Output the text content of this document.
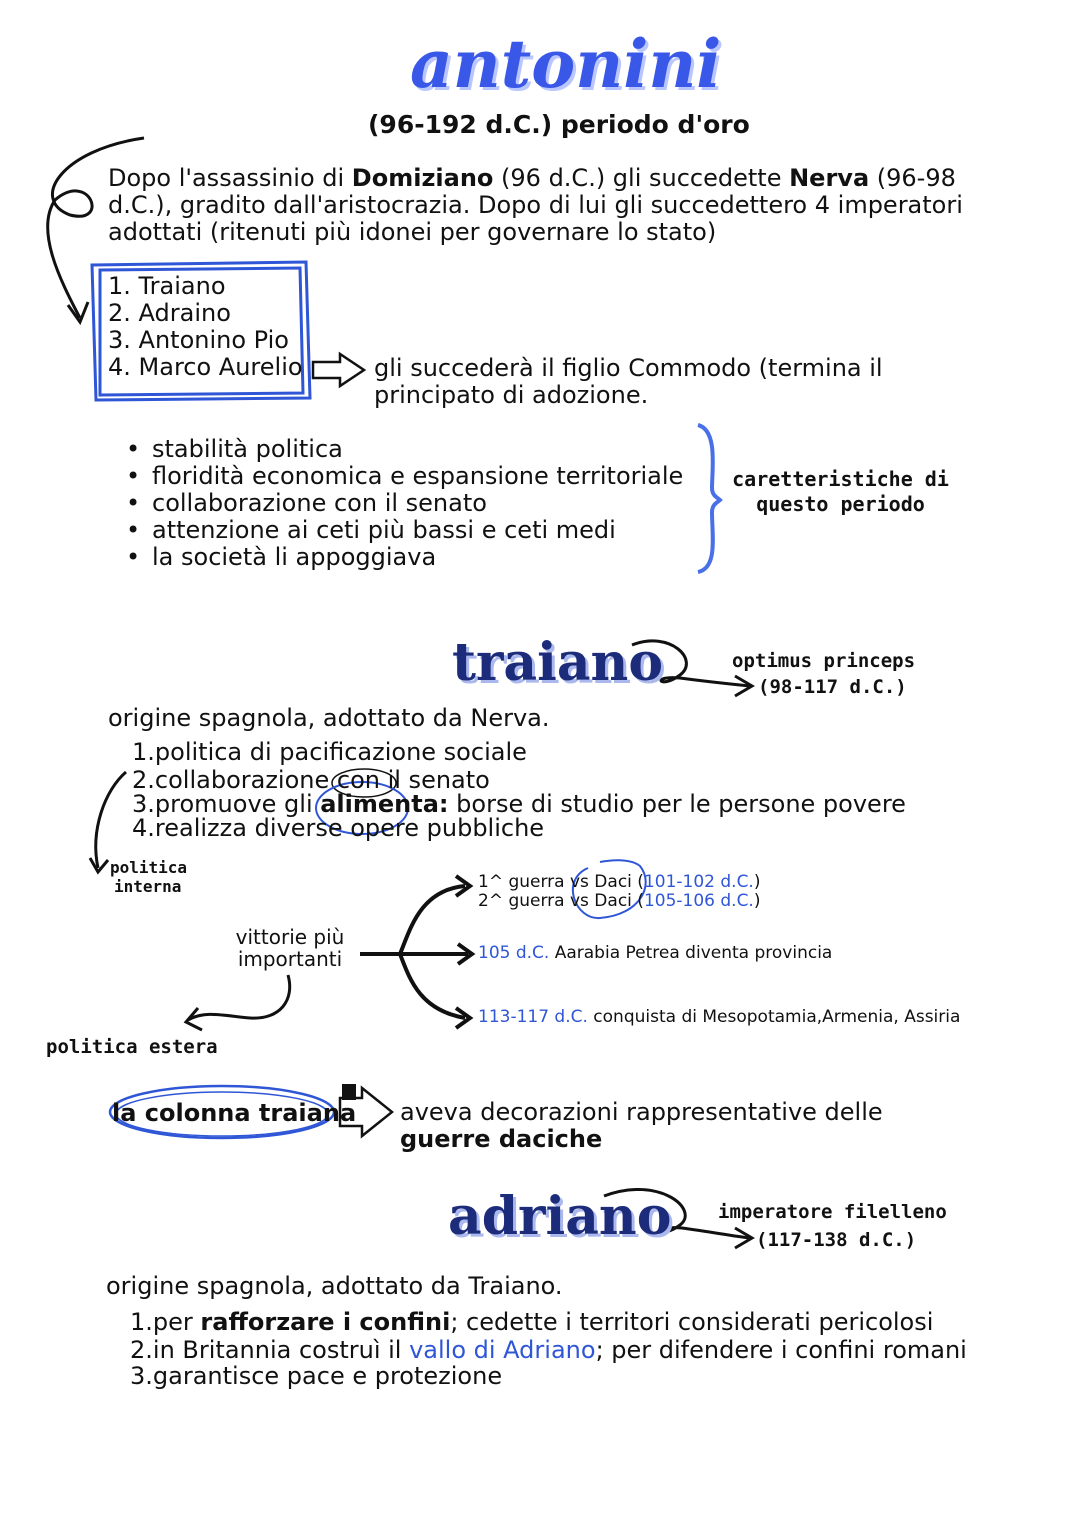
antonini
(96-192 d.C.) periodo d'oro
Dopo l'assassinio di Domiziano (96 d.C.) gli succedette Nerva (96-98
d.C.), gradito dall'aristocrazia. Dopo di lui gli succedettero 4 imperatori
adottati (ritenuti più idonei per governare lo stato)
1. Traiano
2. Adraino
3. Antonino Pio
4. Marco Aurelio	gli succederà il figlio Commodo (termina il
principato di adozione.
• stabilità politica
• floridità economica e espansione territoriale
• collaborazione con il senato
• attenzione ai ceti più bassi e ceti medi
• la società li appoggiava
caretteristiche di
questo periodo
traiano	optimus princeps
(98-117 d.C.)
origine spagnola, adottato da Nerva.
1.politica di pacificazione sociale
2.collaborazione con il senato
3.promuove gli alimenta: borse di studio per le persone povere
4.realizza diverse opere pubbliche
politica
interna
vittorie più
importanti
1^ guerra vs Daci (101-102 d.C.)
2^ guerra vs Daci (105-106 d.C.)
105 d.C. Aarabia Petrea diventa provincia
113-117 d.C. conquista di Mesopotamia,Armenia, Assiria
politica estera
la colonna traiana aveva decorazioni rappresentative delle
guerre daciche
adriano imperatore filelleno
(117-138 d.C.)
origine spagnola, adottato da Traiano.
1.per rafforzare i confini; cedette i territori considerati pericolosi
2.in Britannia costruì il vallo di Adriano; per difendere i confini romani
3.garantisce pace e protezione
